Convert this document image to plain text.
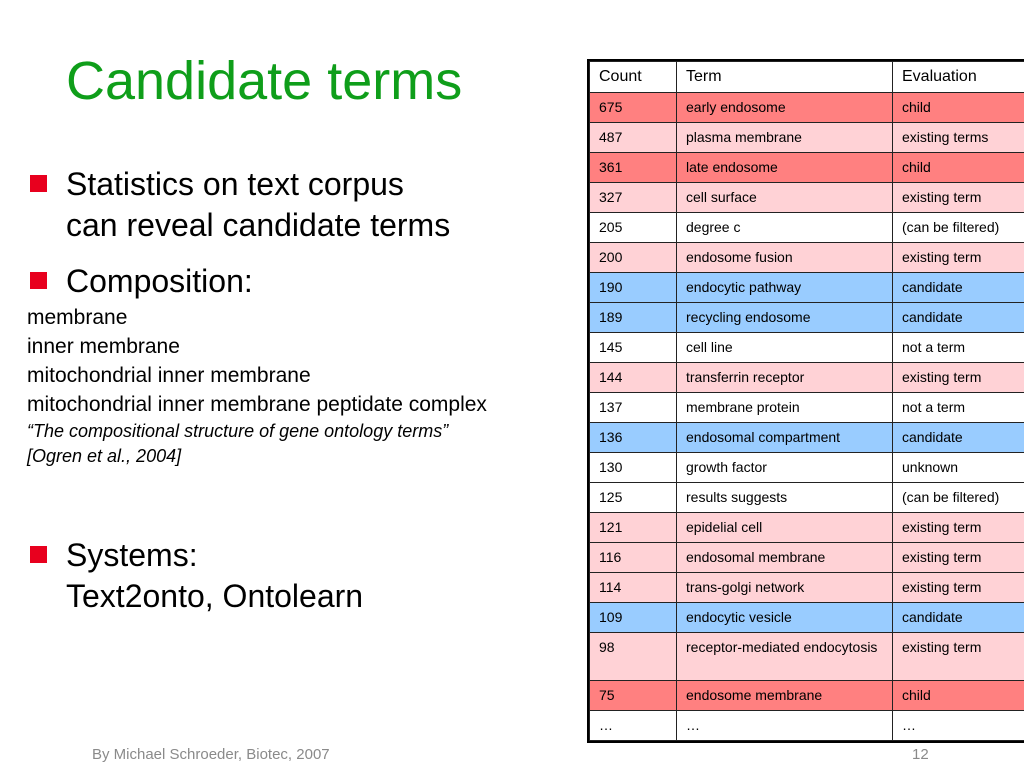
Candidate terms
Statistics on text corpus
can reveal candidate terms
Composition:
membrane
inner membrane
mitochondrial inner membrane
mitochondrial inner membrane peptidate complex
“The compositional structure of gene ontology terms”
[Ogren et al., 2004]
Systems:
Text2onto, Ontolearn
Count	Term	Evaluation
675	early endosome	child
487	plasma membrane	existing terms
361	late endosome	child
327	cell surface	existing term
205	degree c	(can be filtered)
200	endosome fusion	existing term
190	endocytic pathway	candidate
189	recycling endosome	candidate
145	cell line	not a term
144	transferrin receptor	existing term
137	membrane protein	not a term
136	endosomal compartment	candidate
130	growth factor	unknown
125	results suggests	(can be filtered)
121	epidelial cell	existing term
116	endosomal membrane	existing term
114	trans-golgi network	existing term
109	endocytic vesicle	candidate
98	receptor-mediated endocytosis	existing term
75	endosome membrane	child
…	…	…
By Michael Schroeder, Biotec, 2007	12
